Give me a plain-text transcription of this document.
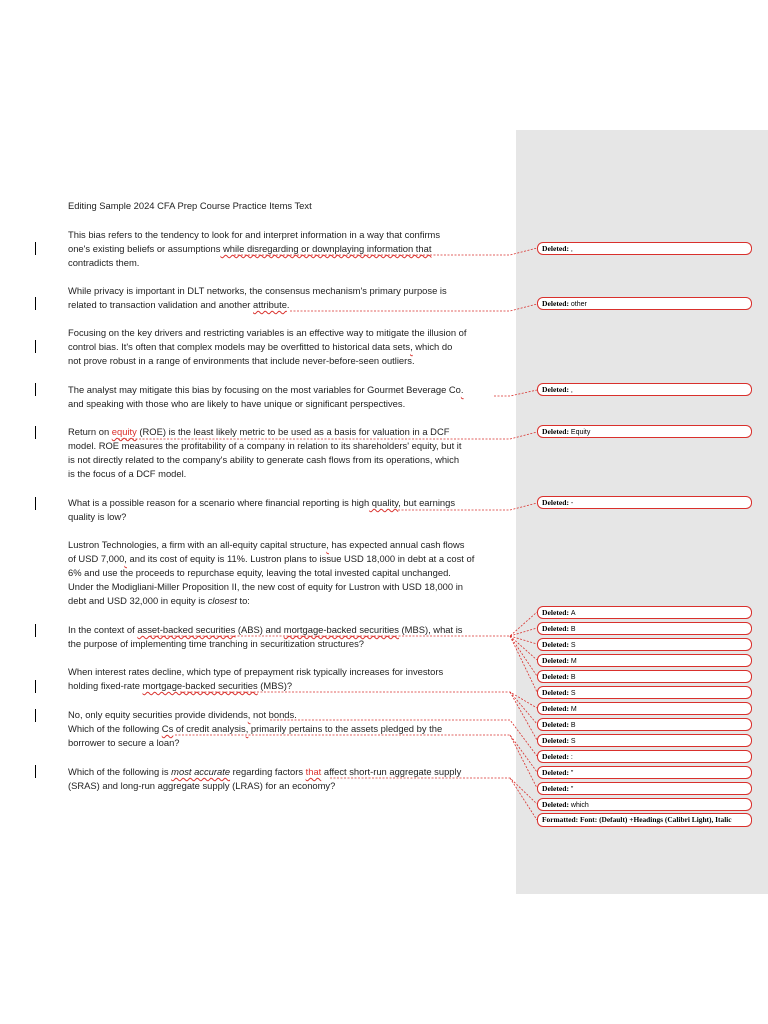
Editing Sample 2024 CFA Prep Course Practice Items Text

This bias refers to the tendency to look for and interpret information in a way that confirms
one's existing beliefs or assumptions while disregarding or downplaying information that
contradicts them.

While privacy is important in DLT networks, the consensus mechanism's primary purpose is
related to transaction validation and another attribute.

Focusing on the key drivers and restricting variables is an effective way to mitigate the illusion of
control bias. It's often that complex models may be overfitted to historical data sets, which do
not prove robust in a range of environments that include never-before-seen outliers.

The analyst may mitigate this bias by focusing on the most variables for Gourmet Beverage Co.
and speaking with those who are likely to have unique or significant perspectives.

Return on equity (ROE) is the least likely metric to be used as a basis for valuation in a DCF
model. ROE measures the profitability of a company in relation to its shareholders' equity, but it
is not directly related to the company's ability to generate cash flows from its operations, which
is the focus of a DCF model.

What is a possible reason for a scenario where financial reporting is high quality, but earnings
quality is low?

Lustron Technologies, a firm with an all-equity capital structure, has expected annual cash flows
of USD 7,000, and its cost of equity is 11%. Lustron plans to issue USD 18,000 in debt at a cost of
6% and use the proceeds to repurchase equity, leaving the total invested capital unchanged.
Under the Modigliani-Miller Proposition II, the new cost of equity for Lustron with USD 18,000 in
debt and USD 32,000 in equity is closest to:

In the context of asset-backed securities (ABS) and mortgage-backed securities (MBS), what is
the purpose of implementing time tranching in securitization structures?

When interest rates decline, which type of prepayment risk typically increases for investors
holding fixed-rate mortgage-backed securities (MBS)?

No, only equity securities provide dividends, not bonds.
Which of the following Cs of credit analysis, primarily pertains to the assets pledged by the
borrower to secure a loan?

Which of the following is most accurate regarding factors that affect short-run aggregate supply
(SRAS) and long-run aggregate supply (LRAS) for an economy?

Deleted: ,
Deleted: other
Deleted: ,
Deleted: Equity
Deleted: -
Deleted: A
Deleted: B
Deleted: S
Deleted: M
Deleted: B
Deleted: S
Deleted: M
Deleted: B
Deleted: S
Deleted: :
Deleted: "
Deleted: "
Deleted: which
Formatted: Font: (Default) +Headings (Calibri Light), Italic
